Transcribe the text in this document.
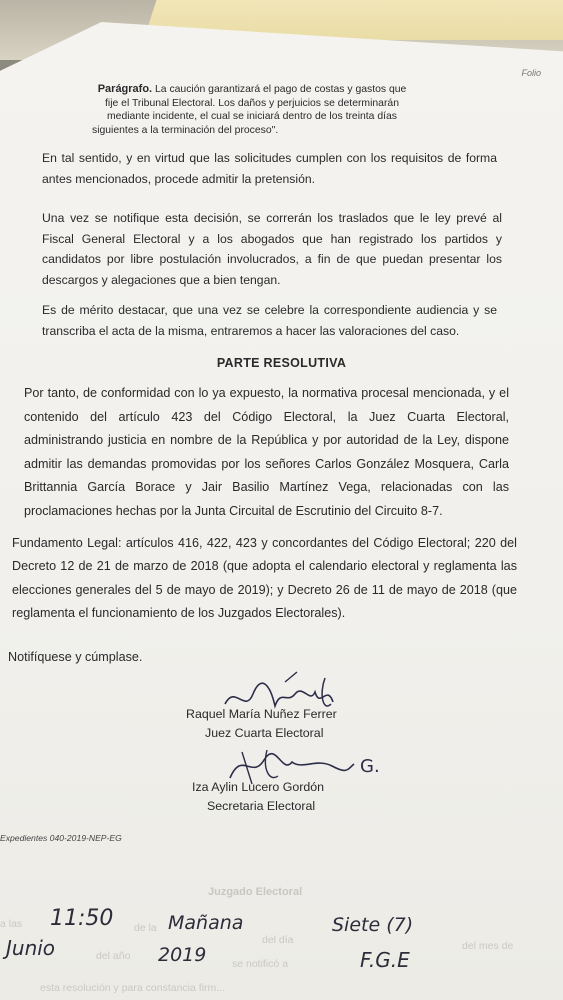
Folio

Parágrafo. La caución garantizará el pago de costas y gastos que fije el Tribunal Electoral. Los daños y perjuicios se determinarán mediante incidente, el cual se iniciará dentro de los treinta días siguientes a la terminación del proceso".

En tal sentido, y en virtud que las solicitudes cumplen con los requisitos de forma antes mencionados, procede admitir la pretensión.

Una vez se notifique esta decisión, se correrán los traslados que le ley prevé al Fiscal General Electoral y a los abogados que han registrado los partidos y candidatos por libre postulación involucrados, a fin de que puedan presentar los descargos y alegaciones que a bien tengan.

Es de mérito destacar, que una vez se celebre la correspondiente audiencia y se transcriba el acta de la misma, entraremos a hacer las valoraciones del caso.

PARTE RESOLUTIVA

Por tanto, de conformidad con lo ya expuesto, la normativa procesal mencionada, y el contenido del artículo 423 del Código Electoral, la Juez Cuarta Electoral, administrando justicia en nombre de la República y por autoridad de la Ley, dispone admitir las demandas promovidas por los señores Carlos González Mosquera, Carla Brittannia García Borace y Jair Basilio Martínez Vega, relacionadas con las proclamaciones hechas por la Junta Circuital de Escrutinio del Circuito 8-7.

Fundamento Legal: artículos 416, 422, 423 y concordantes del Código Electoral; 220 del Decreto 12 de 21 de marzo de 2018 (que adopta el calendario electoral y reglamenta las elecciones generales del 5 de mayo de 2019); y Decreto 26 de 11 de mayo de 2018 (que reglamenta el funcionamiento de los Juzgados Electorales).

Notifíquese y cúmplase.
Raquel María Nuñez Ferrer
Juez Cuarta Electoral
G.
Iza Aylin Lucero Gordón
Secretaria Electoral
Expedientes 040-2019-NEP-EG
Juzgado Electoral
a las	de la
del día
del año
se notificó a
del mes de
esta resolución y para constancia firm...
11:50	Mañana	Siete (7)
Junio	2019	F.G.E
